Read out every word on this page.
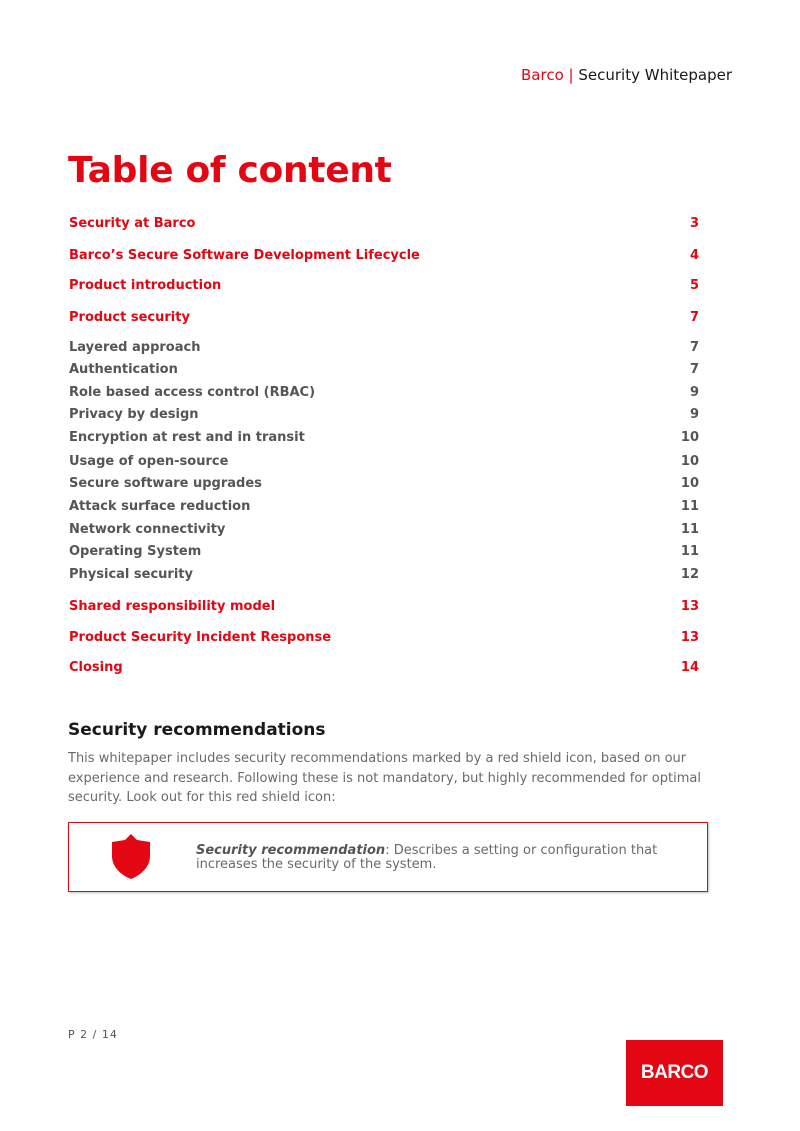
Barco | Security Whitepaper
Table of content
Security at Barco	3
Barco’s Secure Software Development Lifecycle	4
Product introduction	5
Product security	7
Layered approach	7
Authentication	7
Role based access control (RBAC)	9
Privacy by design	9
Encryption at rest and in transit	10
Usage of open-source	10
Secure software upgrades	10
Attack surface reduction	11
Network connectivity	11
Operating System	11
Physical security	12
Shared responsibility model	13
Product Security Incident Response	13
Closing	14
Security recommendations

This whitepaper includes security recommendations marked by a red shield icon, based on our experience and research. Following these is not mandatory, but highly recommended for optimal security. Look out for this red shield icon:

Security recommendation: Describes a setting or configuration that increases the security of the system.
P 2 / 14
BARCO
